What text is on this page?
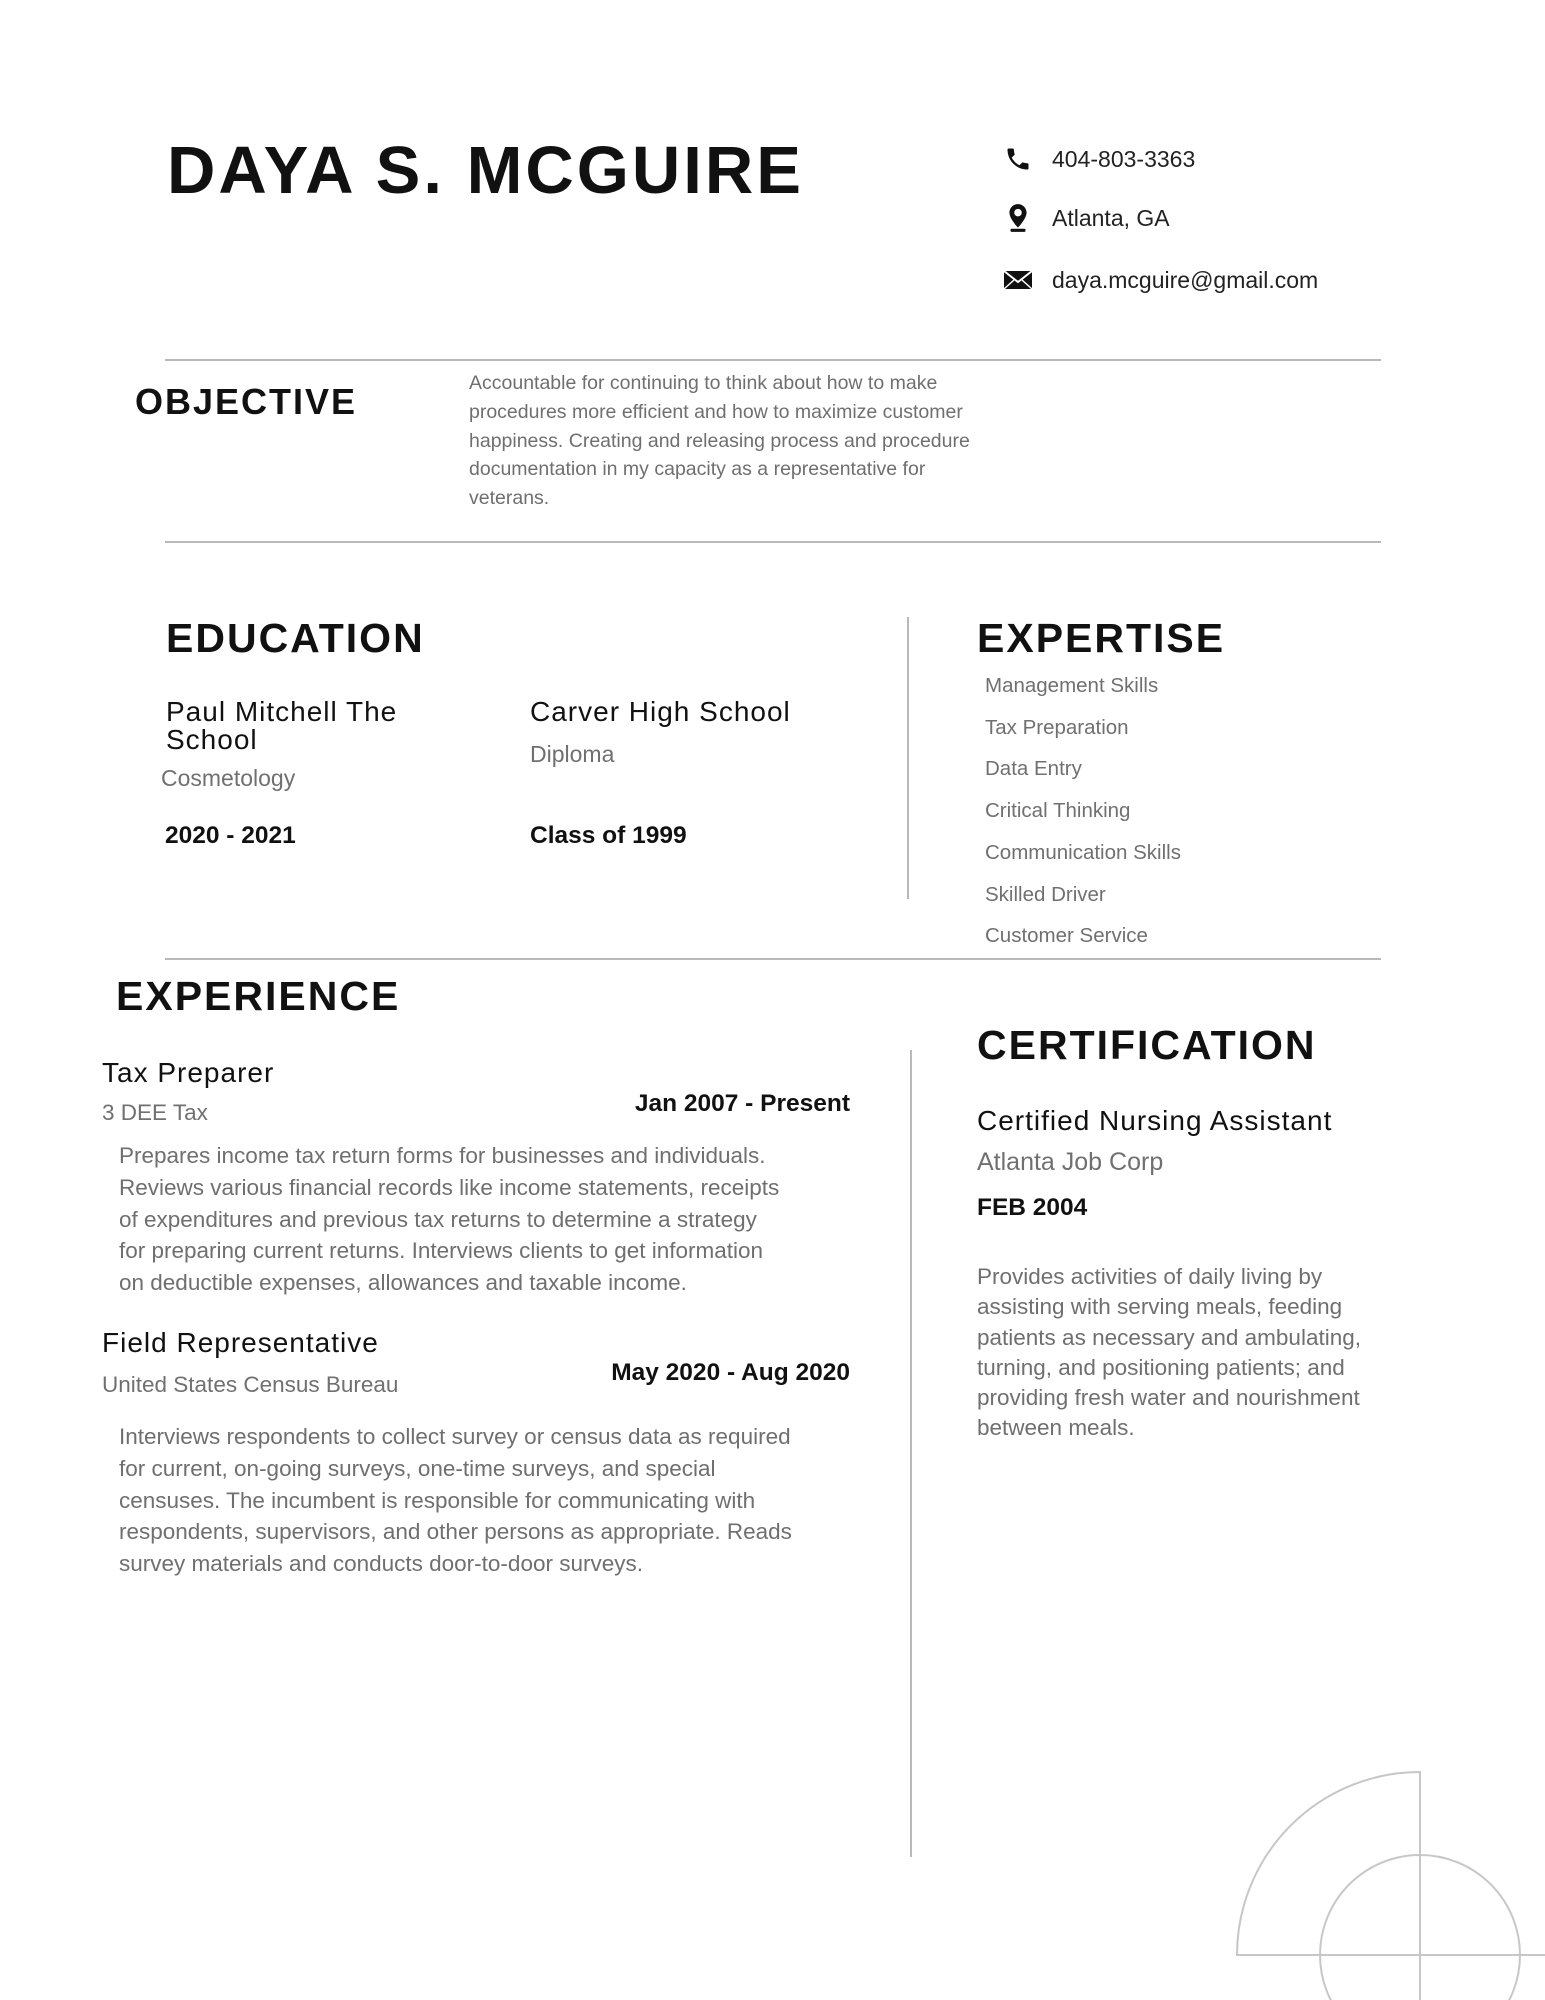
DAYA S. MCGUIRE	404-803-3363
Atlanta, GA
daya.mcguire@gmail.com
OBJECTIVE	Accountable for continuing to think about how to make
procedures more efficient and how to maximize customer
happiness. Creating and releasing process and procedure
documentation in my capacity as a representative for
veterans.
EDUCATION
Paul Mitchell The
School
Cosmetology
2020 - 2021
Carver High School
Diploma
Class of 1999
EXPERTISE
Management Skills
Tax Preparation
Data Entry
Critical Thinking
Communication Skills
Skilled Driver
Customer Service
EXPERIENCE
Tax Preparer
3 DEE Tax	Jan 2007 - Present
Prepares income tax return forms for businesses and individuals.
Reviews various financial records like income statements, receipts
of expenditures and previous tax returns to determine a strategy
for preparing current returns. Interviews clients to get information
on deductible expenses, allowances and taxable income.
Field Representative
United States Census Bureau	May 2020 - Aug 2020
Interviews respondents to collect survey or census data as required
for current, on-going surveys, one-time surveys, and special
censuses. The incumbent is responsible for communicating with
respondents, supervisors, and other persons as appropriate. Reads
survey materials and conducts door-to-door surveys.
CERTIFICATION
Certified Nursing Assistant
Atlanta Job Corp
FEB 2004
Provides activities of daily living by
assisting with serving meals, feeding
patients as necessary and ambulating,
turning, and positioning patients; and
providing fresh water and nourishment
between meals.
